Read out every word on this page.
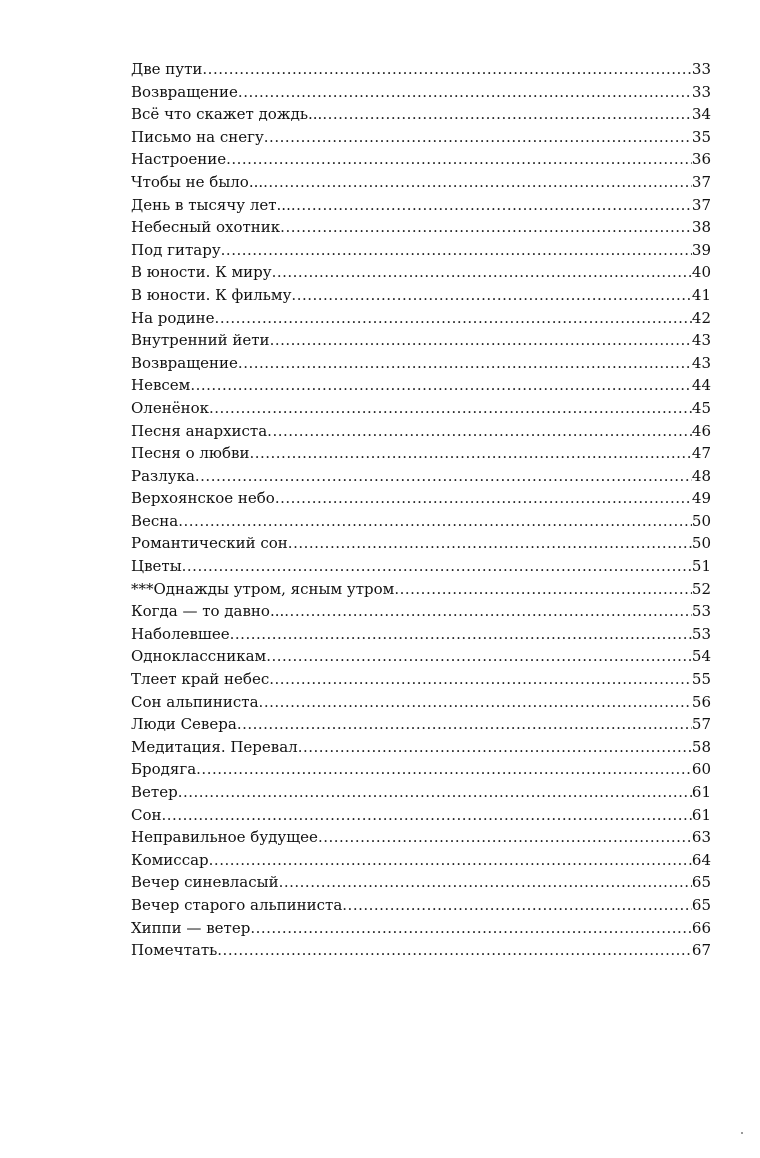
Две пути .....	33
Возвращение .....	33
Всё что скажет дождь... .....	34
Письмо на снегу .....	35
Настроение .....	36
Чтобы не было... .....	37
День в тысячу лет... .....	37
Небесный охотник .....	38
Под гитару .....	39
В юности. К миру .....	40
В юности. К фильму .....	41
На родине .....	42
Внутренний йети .....	43
Возвращение .....	43
Невсем .....	44
Оленёнок .....	45
Песня анархиста .....	46
Песня о любви .....	47
Разлука .....	48
Верхоянское небо .....	49
Весна .....	50
Романтический сон .....	50
Цветы .....	51
***Однажды утром, ясным утром .....	52
Когда — то давно... .....	53
Наболевшее .....	53
Одноклассникам .....	54
Тлеет край небес .....	55
Сон альпиниста .....	56
Люди Севера .....	57
Медитация. Перевал .....	58
Бродяга .....	60
Ветер .....	61
Сон .....	61
Неправильное будущее .....	63
Комиссар .....	64
Вечер синевласый .....	65
Вечер старого альпиниста .....	65
Хиппи — ветер .....	66
Помечтать .....	67
